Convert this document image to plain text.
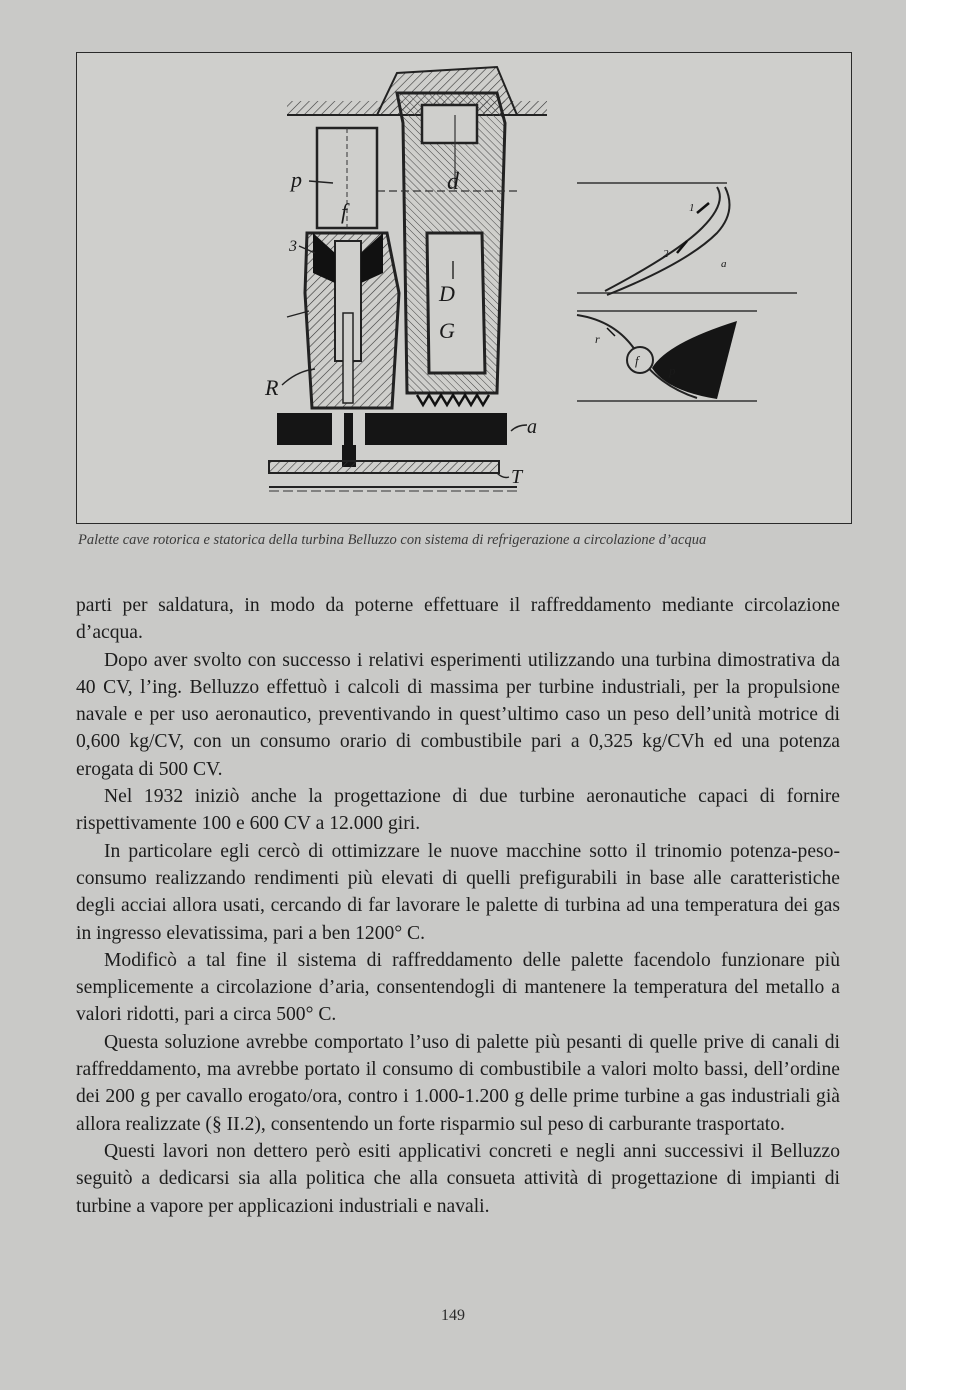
p	d
f
3
D
G
R
a
T
1
2
a
f
p
r
Palette cave rotorica e statorica della turbina Belluzzo con sistema di refrigerazione a circolazione d’acqua

parti per saldatura, in modo da poterne effettuare il raffreddamento mediante circolazione d’acqua.

Dopo aver svolto con successo i relativi esperimenti utilizzando una turbina dimostrativa da 40 CV, l’ing. Belluzzo effettuò i calcoli di massima per turbine industriali, per la propulsione navale e per uso aeronautico, preventivando in quest’ultimo caso un peso dell’unità motrice di 0,600 kg/CV, con un consumo orario di combustibile pari a 0,325 kg/CVh ed una potenza erogata di 500 CV.

Nel 1932 iniziò anche la progettazione di due turbine aeronautiche capaci di fornire rispettivamente 100 e 600 CV a 12.000 giri.

In particolare egli cercò di ottimizzare le nuove macchine sotto il trinomio potenza-peso-consumo realizzando rendimenti più elevati di quelli prefigurabili in base alle caratteristiche degli acciai allora usati, cercando di far lavorare le palette di turbina ad una temperatura dei gas in ingresso elevatissima, pari a ben 1200° C.

Modificò a tal fine il sistema di raffreddamento delle palette facendolo funzionare più semplicemente a circolazione d’aria, consentendogli di mantenere la temperatura del metallo a valori ridotti, pari a circa 500° C.

Questa soluzione avrebbe comportato l’uso di palette più pesanti di quelle prive di canali di raffreddamento, ma avrebbe portato il consumo di combustibile a valori molto bassi, dell’ordine dei 200 g per cavallo erogato/ora, contro i 1.000-1.200 g delle prime turbine a gas industriali già allora realizzate (§ II.2), consentendo un forte risparmio sul peso di carburante trasportato.

Questi lavori non dettero però esiti applicativi concreti e negli anni successivi il Belluzzo seguitò a dedicarsi sia alla politica che alla consueta attività di progettazione di impianti di turbine a vapore per applicazioni industriali e navali.

149
